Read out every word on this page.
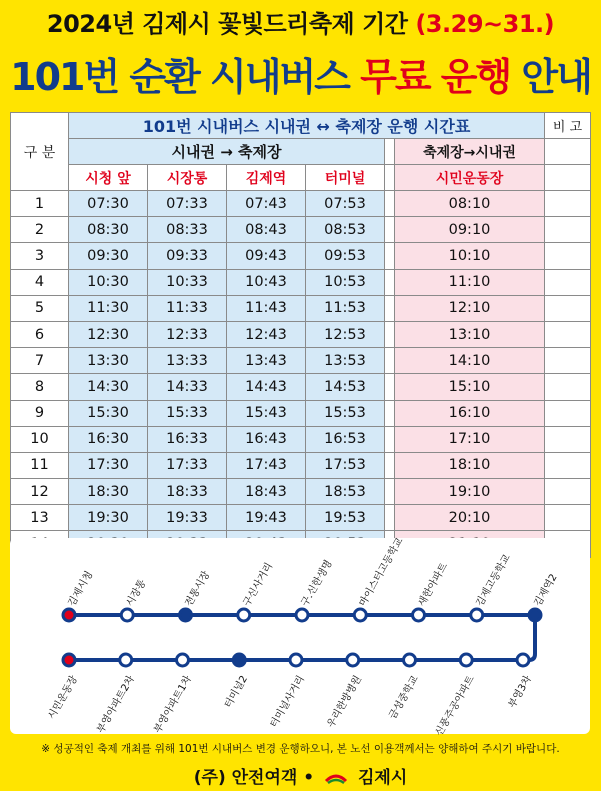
2024년 김제시 꽃빛드리축제 기간 (3.29~31.)
101번 순환 시내버스 무료 운행 안내
구 분	101번 시내버스 시내권 ↔ 축제장 운행 시간표						비 고
	시내권 → 축제장					축제장→시내권	
	시청 앞	시장통	김제역	터미널		시민운동장	
1	07:30	07:33	07:43	07:53		08:10	
2	08:30	08:33	08:43	08:53		09:10	
3	09:30	09:33	09:43	09:53		10:10	
4	10:30	10:33	10:43	10:53		11:10	
5	11:30	11:33	11:43	11:53		12:10	
6	12:30	12:33	12:43	12:53		13:10	
7	13:30	13:33	13:43	13:53		14:10	
8	14:30	14:33	14:43	14:53		15:10	
9	15:30	15:33	15:43	15:53		16:10	
10	16:30	16:33	16:43	16:53		17:10	
11	17:30	17:33	17:43	17:53		18:10	
12	18:30	18:33	18:43	18:53		19:10	
13	19:30	19:33	19:43	19:53		20:10	

김제시청	시장통	전통시장	구신사거리	구.신한생명	마이스터고등학교	새한아파트	김제고등학교	김제역2
시민운동장	부영아파트2차	부영아파트1차	터미널2	터미널사거리	우리한방병원	금성중학교	신풍주공아파트	부영3차
※ 성공적인 축제 개최를 위해 101번 시내버스 변경 운행하오니, 본 노선 이용객께서는 양해하여 주시기 바랍니다.
(주) 안전여객 •	김제시
